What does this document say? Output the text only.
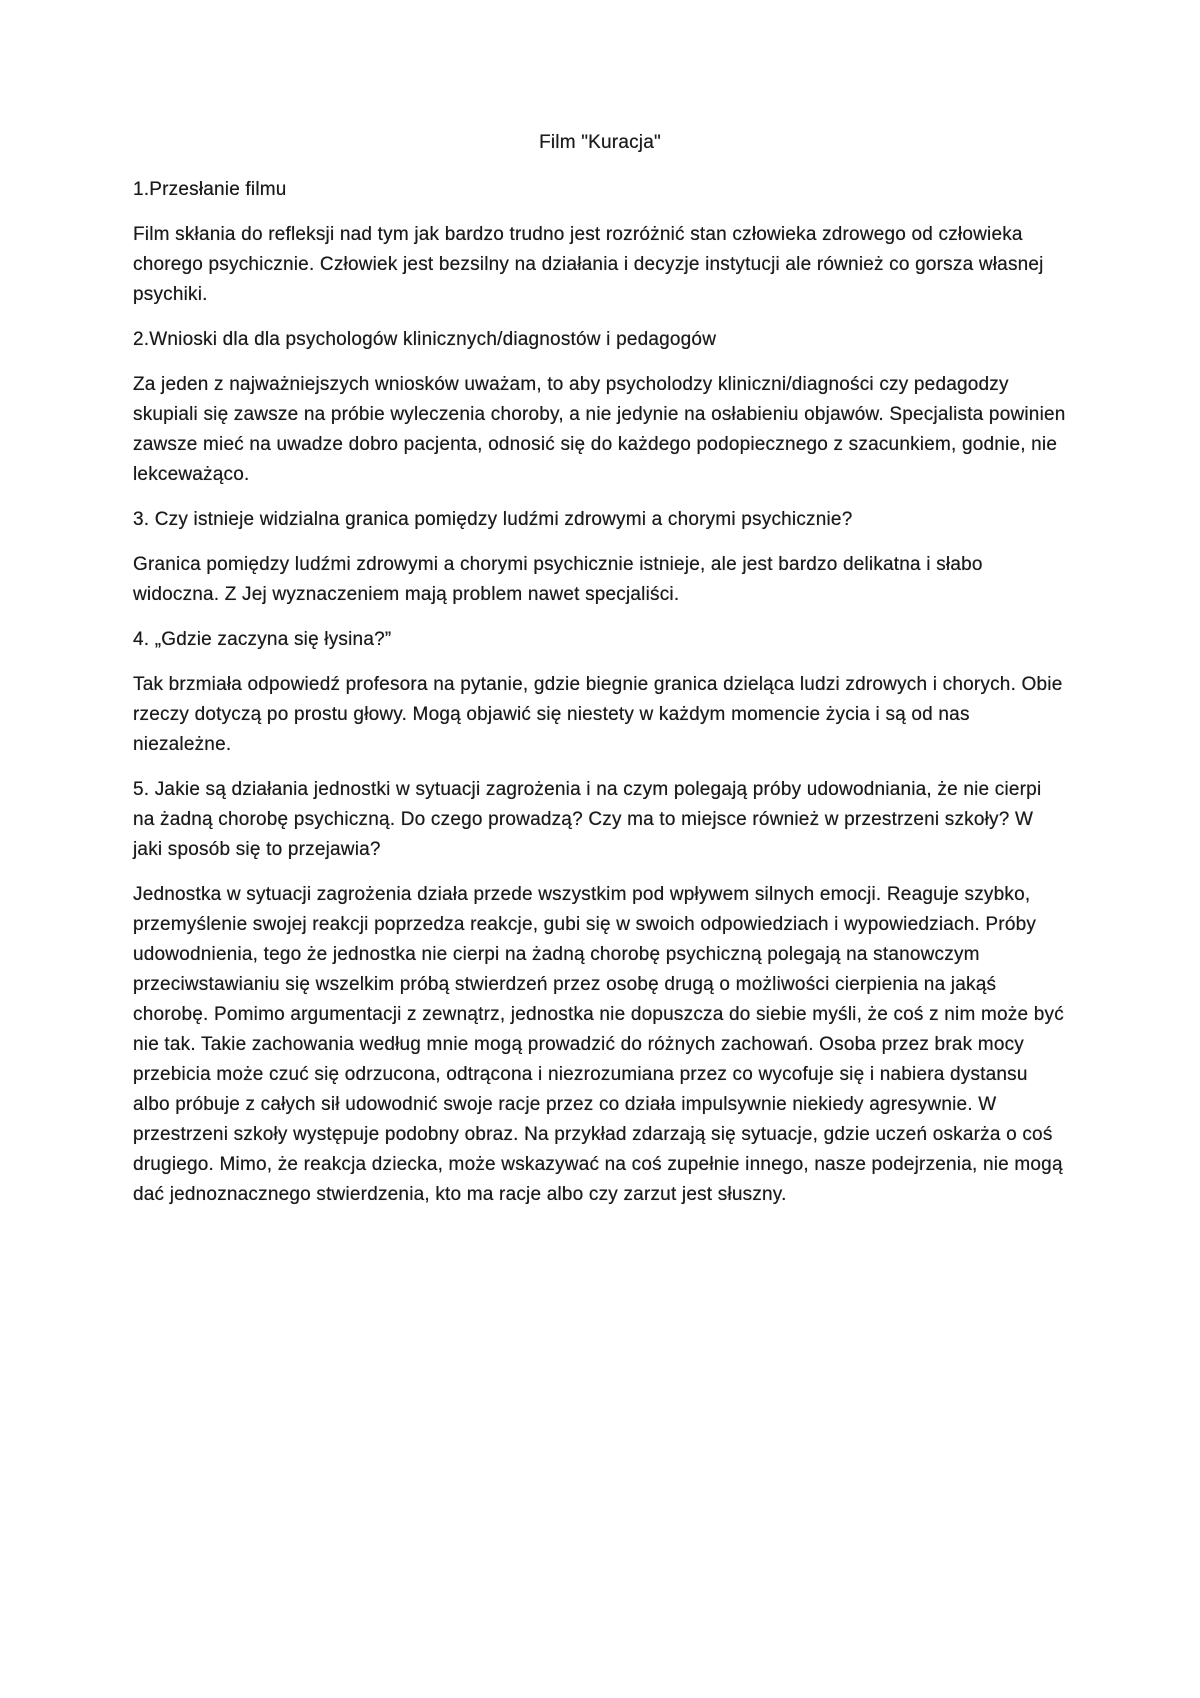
Film "Kuracja"
1.Przesłanie filmu
Film skłania do refleksji nad tym jak bardzo trudno jest rozróżnić stan człowieka zdrowego od człowieka chorego psychicznie. Człowiek jest bezsilny na działania i decyzje instytucji ale również co gorsza własnej psychiki.
2.Wnioski dla dla psychologów klinicznych/diagnostów i pedagogów
Za jeden z najważniejszych wniosków uważam, to aby psycholodzy kliniczni/diagności czy pedagodzy skupiali się zawsze na próbie wyleczenia choroby, a nie jedynie na osłabieniu objawów. Specjalista powinien zawsze mieć na uwadze dobro pacjenta, odnosić się do każdego podopiecznego z szacunkiem, godnie, nie lekceważąco.
3. Czy istnieje widzialna granica pomiędzy ludźmi zdrowymi a chorymi psychicznie?
Granica pomiędzy ludźmi zdrowymi a chorymi psychicznie istnieje, ale jest bardzo delikatna i słabo widoczna. Z Jej wyznaczeniem mają problem nawet specjaliści.
4. „Gdzie zaczyna się łysina?”
Tak brzmiała odpowiedź profesora na pytanie, gdzie biegnie granica dzieląca ludzi zdrowych i chorych. Obie rzeczy dotyczą po prostu głowy. Mogą objawić się niestety w każdym momencie życia i są od nas niezależne.
5. Jakie są działania jednostki w sytuacji zagrożenia i na czym polegają próby udowodniania, że nie cierpi na żadną chorobę psychiczną. Do czego prowadzą? Czy ma to miejsce również w przestrzeni szkoły? W jaki sposób się to przejawia?
Jednostka w sytuacji zagrożenia działa przede wszystkim pod wpływem silnych emocji. Reaguje szybko, przemyślenie swojej reakcji poprzedza reakcje, gubi się w swoich odpowiedziach i wypowiedziach. Próby udowodnienia, tego że jednostka nie cierpi na żadną chorobę psychiczną polegają na stanowczym przeciwstawianiu się wszelkim próbą stwierdzeń przez osobę drugą o możliwości cierpienia na jakąś chorobę. Pomimo argumentacji z zewnątrz, jednostka nie dopuszcza do siebie myśli, że coś z nim może być nie tak. Takie zachowania według mnie mogą prowadzić do różnych zachowań. Osoba przez brak mocy przebicia może czuć się odrzucona, odtrącona i niezrozumiana przez co wycofuje się i nabiera dystansu albo próbuje z całych sił udowodnić swoje racje przez co działa impulsywnie niekiedy agresywnie. W przestrzeni szkoły występuje podobny obraz. Na przykład zdarzają się sytuacje, gdzie uczeń oskarża o coś drugiego. Mimo, że reakcja dziecka, może wskazywać na coś zupełnie innego, nasze podejrzenia, nie mogą dać jednoznacznego stwierdzenia, kto ma racje albo czy zarzut jest słuszny.
